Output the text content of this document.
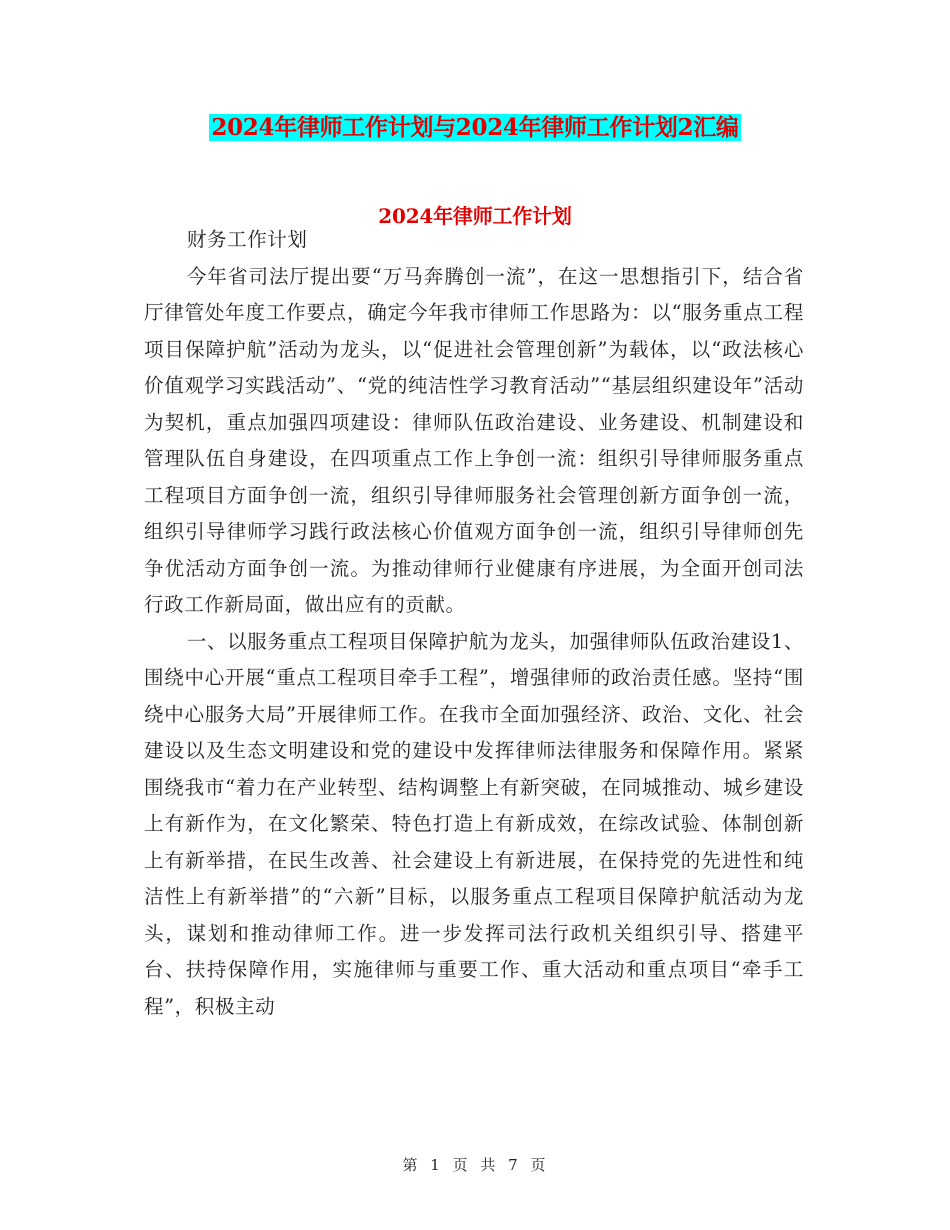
2024年律师工作计划与2024年律师工作计划2汇编
2024年律师工作计划

财务工作计划

今年省司法厅提出要“万马奔腾创一流”，在这一思想指引下，结合省厅律管处年度工作要点，确定今年我市律师工作思路为：以“服务重点工程项目保障护航”活动为龙头，以“促进社会管理创新”为载体，以“政法核心价值观学习实践活动”、“党的纯洁性学习教育活动”“基层组织建设年”活动为契机，重点加强四项建设：律师队伍政治建设、业务建设、机制建设和管理队伍自身建设，在四项重点工作上争创一流：组织引导律师服务重点工程项目方面争创一流，组织引导律师服务社会管理创新方面争创一流，组织引导律师学习践行政法核心价值观方面争创一流，组织引导律师创先争优活动方面争创一流。为推动律师行业健康有序进展，为全面开创司法行政工作新局面，做出应有的贡献。

一、以服务重点工程项目保障护航为龙头，加强律师队伍政治建设1、围绕中心开展“重点工程项目牵手工程”，增强律师的政治责任感。坚持“围绕中心服务大局”开展律师工作。在我市全面加强经济、政治、文化、社会建设以及生态文明建设和党的建设中发挥律师法律服务和保障作用。紧紧围绕我市“着力在产业转型、结构调整上有新突破，在同城推动、城乡建设上有新作为，在文化繁荣、特色打造上有新成效，在综改试验、体制创新上有新举措，在民生改善、社会建设上有新进展，在保持党的先进性和纯洁性上有新举措”的“六新”目标，以服务重点工程项目保障护航活动为龙头，谋划和推动律师工作。进一步发挥司法行政机关组织引导、搭建平台、扶持保障作用，实施律师与重要工作、重大活动和重点项目“牵手工程”，积极主动

第 1 页 共 7 页
